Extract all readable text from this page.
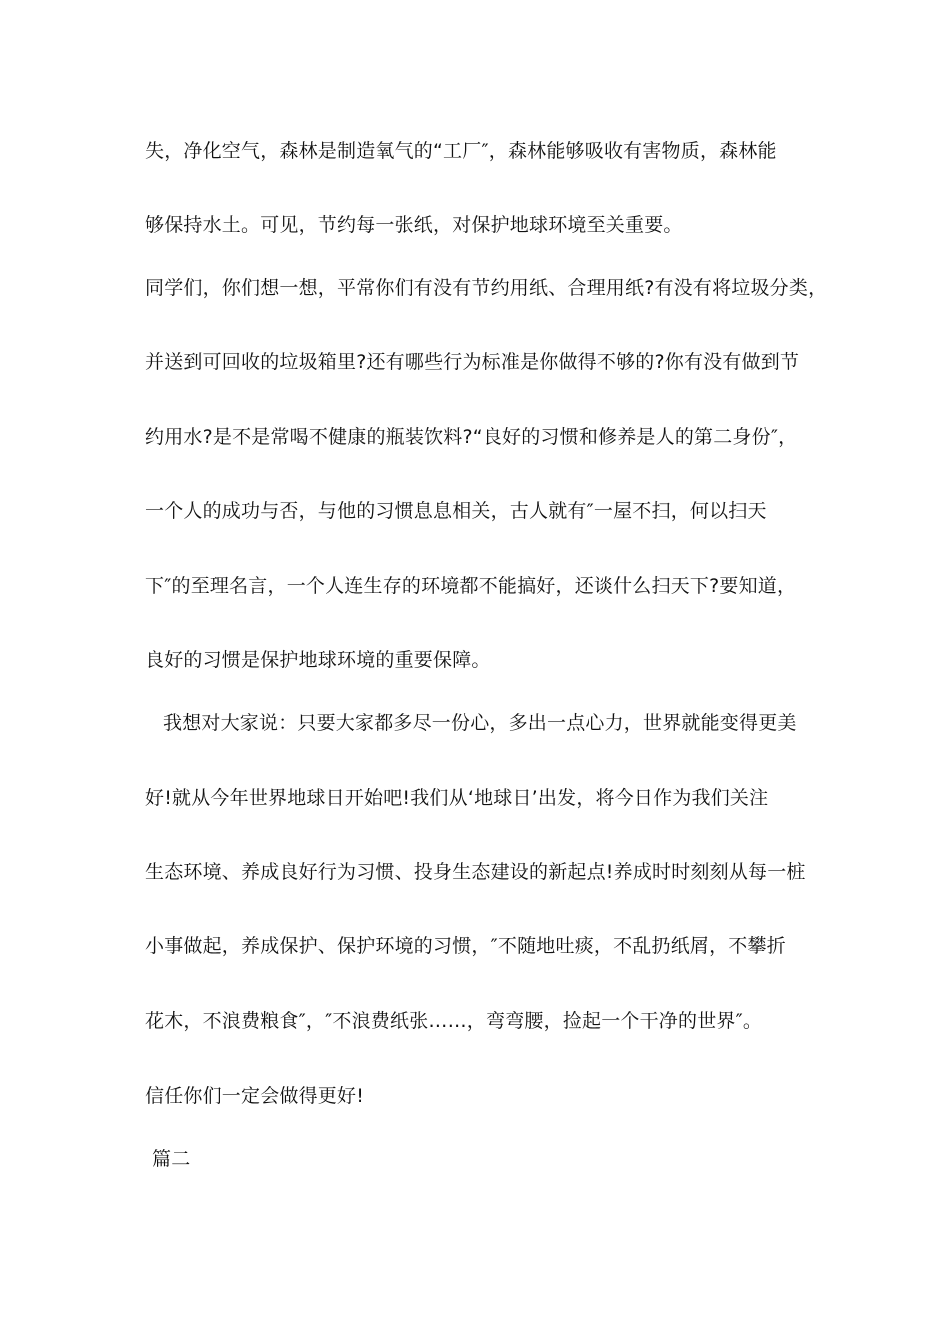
失，净化空气，森林是制造氧气的“工厂″，森林能够吸收有害物质，森林能
够保持水土。可见，节约每一张纸，对保护地球环境至关重要。
同学们，你们想一想，平常你们有没有节约用纸、合理用纸?有没有将垃圾分类，
并送到可回收的垃圾箱里?还有哪些行为标准是你做得不够的?你有没有做到节
约用水?是不是常喝不健康的瓶装饮料?“良好的习惯和修养是人的第二身份″，
一个人的成功与否，与他的习惯息息相关，古人就有″一屋不扫，何以扫天
下″的至理名言，一个人连生存的环境都不能搞好，还谈什么扫天下?要知道，
良好的习惯是保护地球环境的重要保障。
我想对大家说：只要大家都多尽一份心，多出一点心力，世界就能变得更美
好!就从今年世界地球日开始吧!我们从‘地球日’出发，将今日作为我们关注
生态环境、养成良好行为习惯、投身生态建设的新起点!养成时时刻刻从每一桩
小事做起，养成保护、保护环境的习惯，″不随地吐痰，不乱扔纸屑，不攀折
花木，不浪费粮食″，″不浪费纸张……，弯弯腰，捡起一个干净的世界″。
信任你们一定会做得更好!
篇二
